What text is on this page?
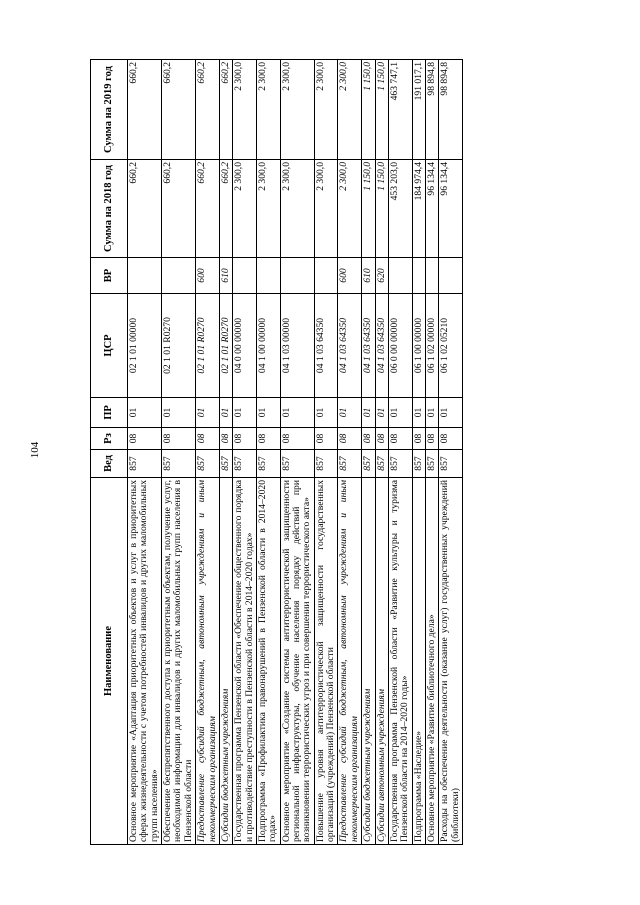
104
Наименование	Вед	Рз	ПР	ЦСР	ВР	Сумма на 2018 год	Сумма на 2019 год
Основное мероприятие «Адаптация приоритетных объектов и услуг в приоритетных сферах жизнедеятельности с учетом потребностей инвалидов и других маломобильных групп населения»	857	08	01	02 1 01 00000		660,2	660,2
Обеспечение беспрепятственного доступа к приоритетным объектам, получение услуг, необходимой информации для инвалидов и других маломобильных групп населения в Пензенской области	857	08	01	02 1 01 R0270		660,2	660,2
Предоставление субсидий бюджетным, автономным учреждениям и иным некоммерческим организациям	857	08	01	02 1 01 R0270	600	660,2	660,2
Субсидии бюджетным учреждениям	857	08	01	02 1 01 R0270	610	660,2	660,2
Государственная программа Пензенской области «Обеспечение общественного порядка и противодействие преступности в Пензенской области в 2014–2020 годах»	857	08	01	04 0 00 00000		2 300,0	2 300,0
Подпрограмма «Профилактика правонарушений в Пензенской области в 2014–2020 годах»	857	08	01	04 1 00 00000		2 300,0	2 300,0
Основное мероприятие «Создание системы антитеррористической защищенности региональной инфраструктуры, обучение населения порядку действий при возникновении террористических угроз и при совершении террористического акта»	857	08	01	04 1 03 00000		2 300,0	2 300,0
Повышение уровня антитеррористической защищенности государственных организаций (учреждений) Пензенской области	857	08	01	04 1 03 64350		2 300,0	2 300,0
Предоставление субсидий бюджетным, автономным учреждениям и иным некоммерческим организациям	857	08	01	04 1 03 64350	600	2 300,0	2 300,0
Субсидии бюджетным учреждениям	857	08	01	04 1 03 64350	610	1 150,0	1 150,0
Субсидии автономным учреждениям	857	08	01	04 1 03 64350	620	1 150,0	1 150,0
Государственная программа Пензенской области «Развитие культуры и туризма Пензенской области на 2014–2020 годы»	857	08	01	06 0 00 00000		453 203,0	463 747,1
Подпрограмма «Наследие»	857	08	01	06 1 00 00000		184 974,4	191 017,1
Основное мероприятие «Развитие библиотечного дела»	857	08	01	06 1 02 00000		96 134,4	98 894,8
Расходы на обеспечение деятельности (оказание услуг) государственных учреждений (библиотеки)	857	08	01	06 1 02 05210		96 134,4	98 894,8
